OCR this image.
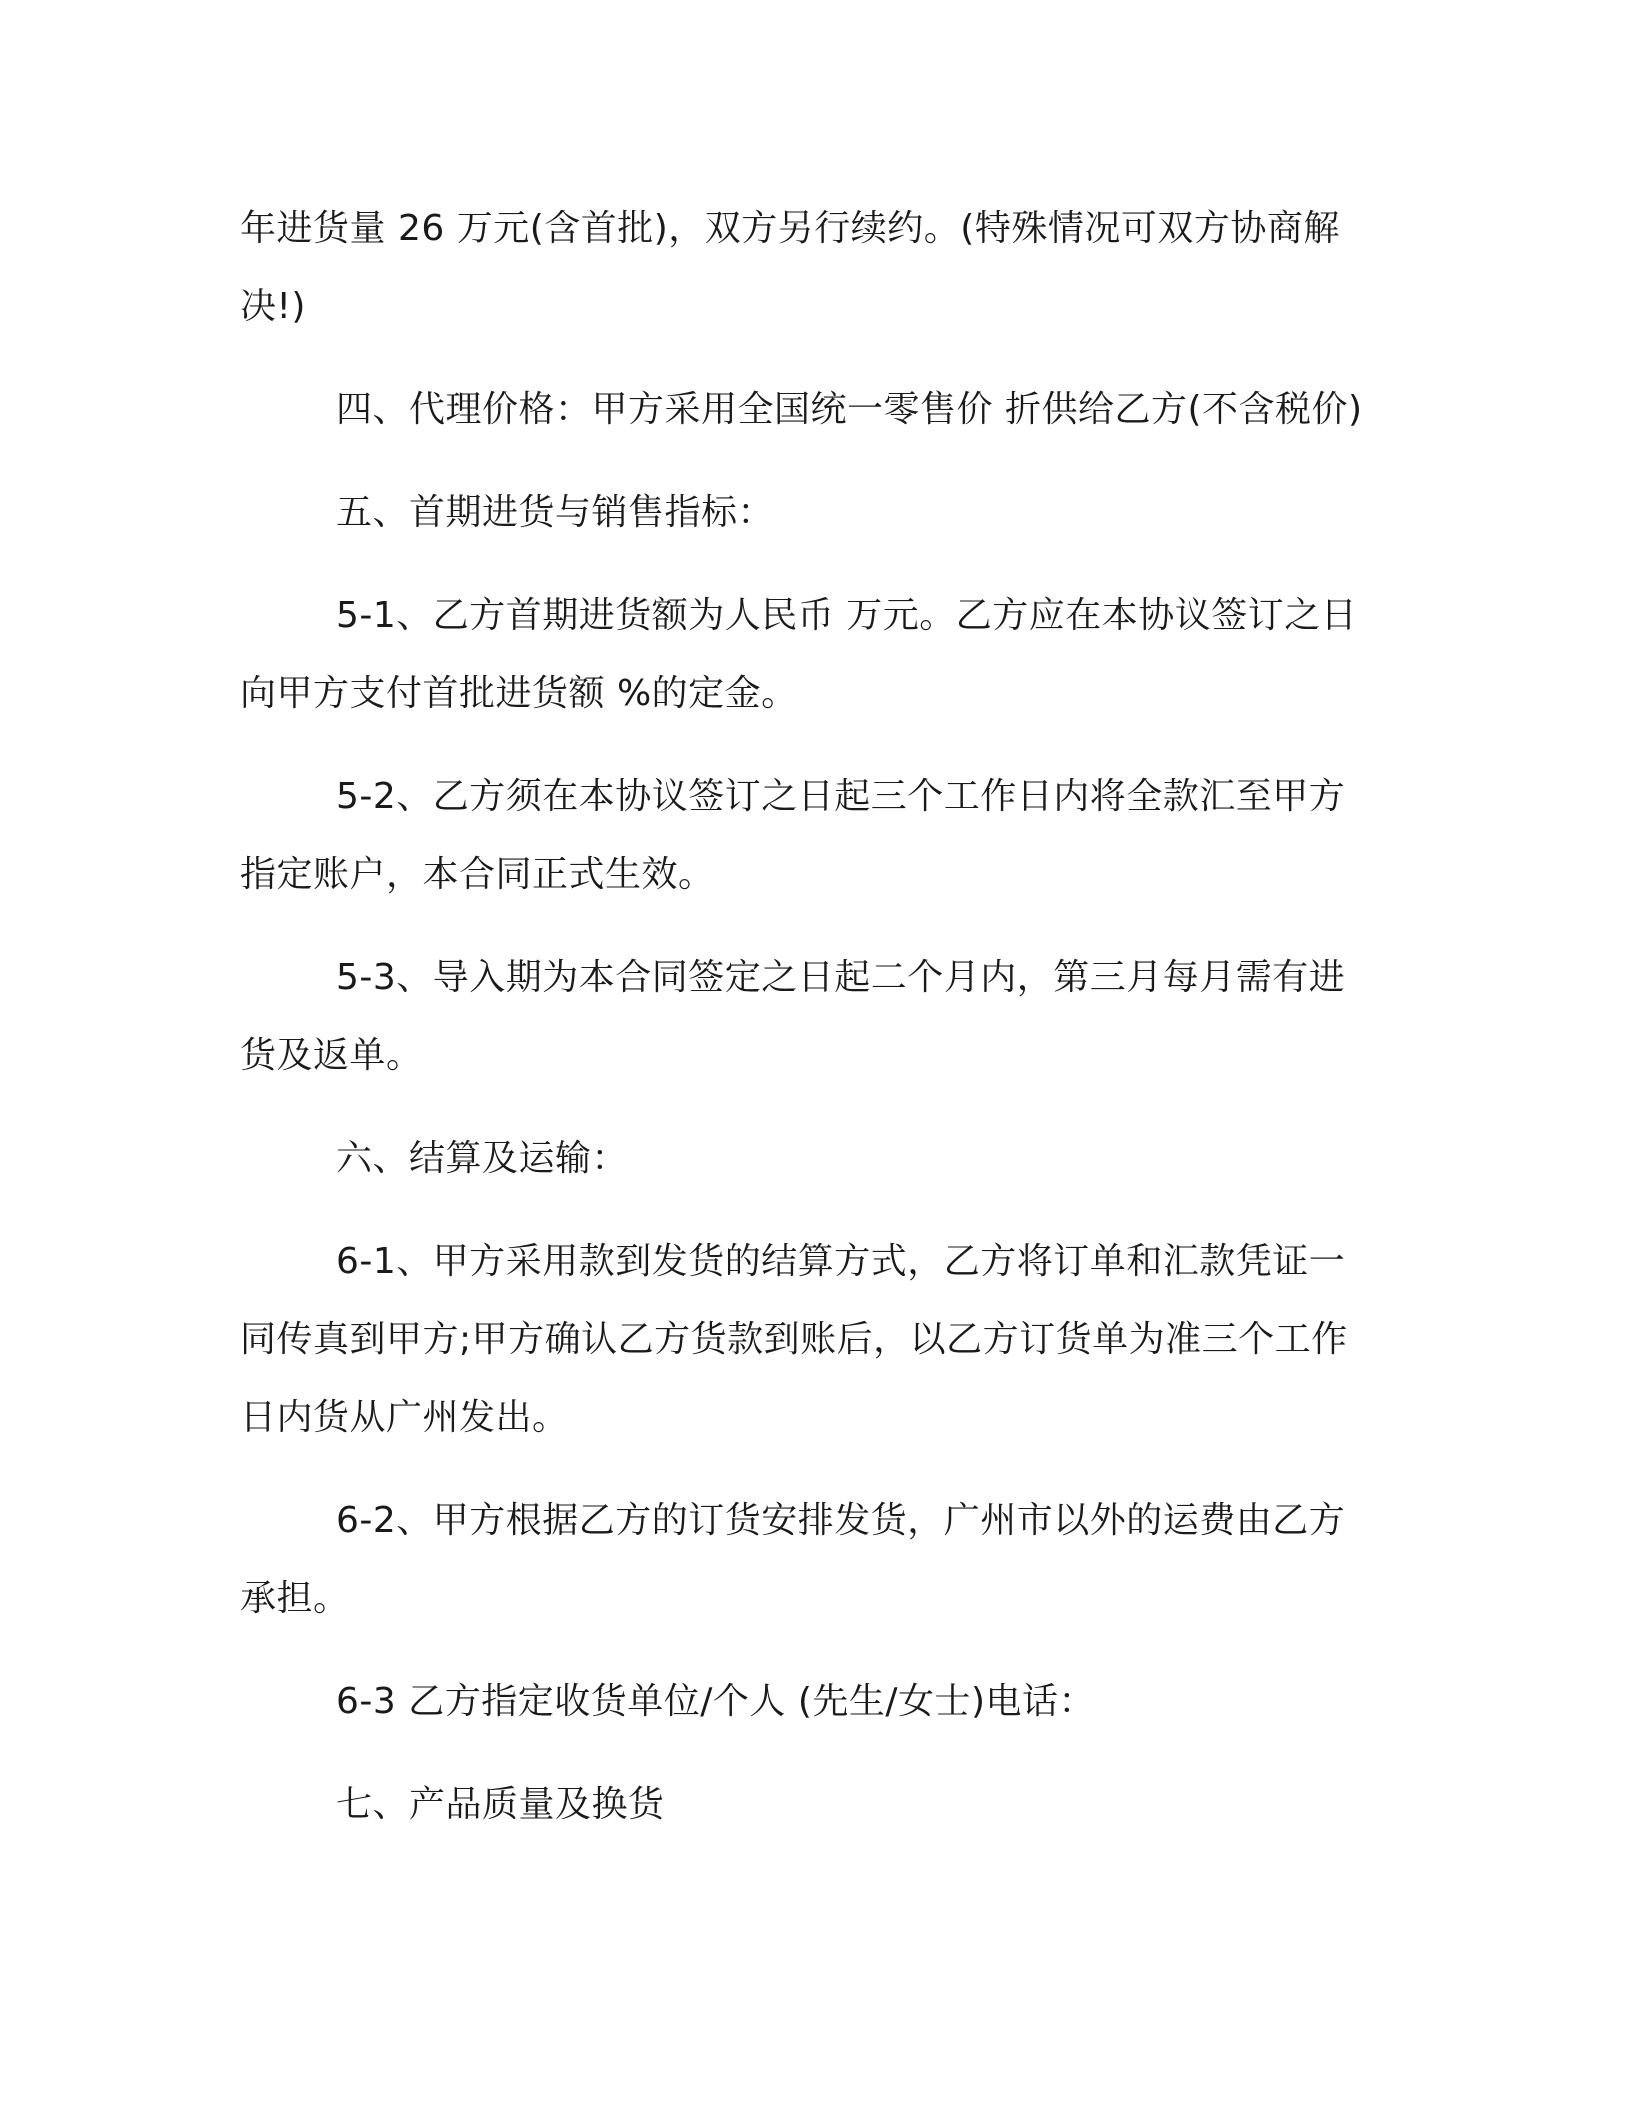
年进货量 26 万元(含首批)，双方另行续约。(特殊情况可双方协商解决!)

四、代理价格：甲方采用全国统一零售价 折供给乙方(不含税价)

五、首期进货与销售指标：

5-1、乙方首期进货额为人民币 万元。乙方应在本协议签订之日向甲方支付首批进货额 %的定金。

5-2、乙方须在本协议签订之日起三个工作日内将全款汇至甲方指定账户，本合同正式生效。

5-3、导入期为本合同签定之日起二个月内，第三月每月需有进货及返单。

六、结算及运输：

6-1、甲方采用款到发货的结算方式，乙方将订单和汇款凭证一同传真到甲方;甲方确认乙方货款到账后，以乙方订货单为准三个工作日内货从广州发出。

6-2、甲方根据乙方的订货安排发货，广州市以外的运费由乙方承担。

6-3 乙方指定收货单位/个人 (先生/女士)电话：

七、产品质量及换货
